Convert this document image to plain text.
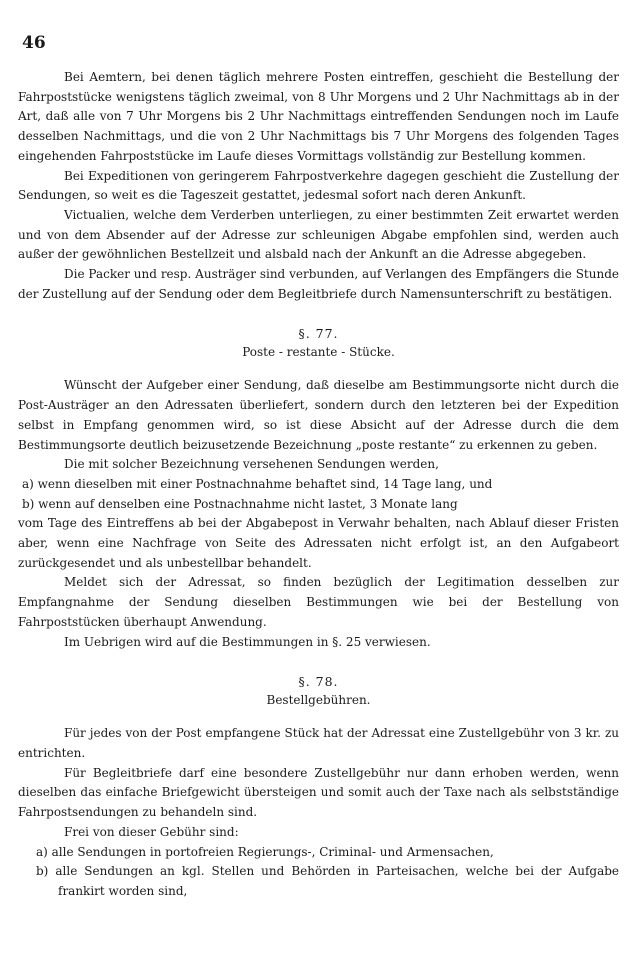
46

Bei Aemtern, bei denen täglich mehrere Posten eintreffen, geschieht die Bestellung der Fahrpoststücke wenigstens täglich zweimal, von 8 Uhr Morgens und 2 Uhr Nachmittags ab in der Art, daß alle von 7 Uhr Morgens bis 2 Uhr Nachmittags eintreffenden Sendungen noch im Laufe desselben Nachmittags, und die von 2 Uhr Nachmittags bis 7 Uhr Morgens des folgenden Tages eingehenden Fahrpoststücke im Laufe dieses Vormittags vollständig zur Bestellung kommen.

Bei Expeditionen von geringerem Fahrpostverkehre dagegen geschieht die Zustellung der Sendungen, so weit es die Tageszeit gestattet, jedesmal sofort nach deren Ankunft.

Victualien, welche dem Verderben unterliegen, zu einer bestimmten Zeit erwartet werden und von dem Absender auf der Adresse zur schleunigen Abgabe empfohlen sind, werden auch außer der gewöhnlichen Bestellzeit und alsbald nach der Ankunft an die Adresse abgegeben.

Die Packer und resp. Austräger sind verbunden, auf Verlangen des Empfängers die Stunde der Zustellung auf der Sendung oder dem Begleitbriefe durch Namensunterschrift zu bestätigen.

§. 77.
Poste - restante - Stücke.

Wünscht der Aufgeber einer Sendung, daß dieselbe am Bestimmungsorte nicht durch die Post-Austräger an den Adressaten überliefert, sondern durch den letzteren bei der Expedition selbst in Empfang genommen wird, so ist diese Absicht auf der Adresse durch die dem Bestimmungsorte deutlich beizusetzende Bezeichnung „poste restante“ zu erkennen zu geben.

Die mit solcher Bezeichnung versehenen Sendungen werden,

a) wenn dieselben mit einer Postnachnahme behaftet sind, 14 Tage lang, und

b) wenn auf denselben eine Postnachnahme nicht lastet, 3 Monate lang

vom Tage des Eintreffens ab bei der Abgabepost in Verwahr behalten, nach Ablauf dieser Fristen aber, wenn eine Nachfrage von Seite des Adressaten nicht erfolgt ist, an den Aufgabeort zurückgesendet und als unbestellbar behandelt.

Meldet sich der Adressat, so finden bezüglich der Legitimation desselben zur Empfangnahme der Sendung dieselben Bestimmungen wie bei der Bestellung von Fahrpoststücken überhaupt Anwendung.

Im Uebrigen wird auf die Bestimmungen in §. 25 verwiesen.

§. 78.
Bestellgebühren.

Für jedes von der Post empfangene Stück hat der Adressat eine Zustellgebühr von 3 kr. zu entrichten.

Für Begleitbriefe darf eine besondere Zustellgebühr nur dann erhoben werden, wenn dieselben das einfache Briefgewicht übersteigen und somit auch der Taxe nach als selbstständige Fahrpostsendungen zu behandeln sind.

Frei von dieser Gebühr sind:

a) alle Sendungen in portofreien Regierungs-, Criminal- und Armensachen,

b) alle Sendungen an kgl. Stellen und Behörden in Parteisachen, welche bei der Aufgabe frankirt worden sind,
